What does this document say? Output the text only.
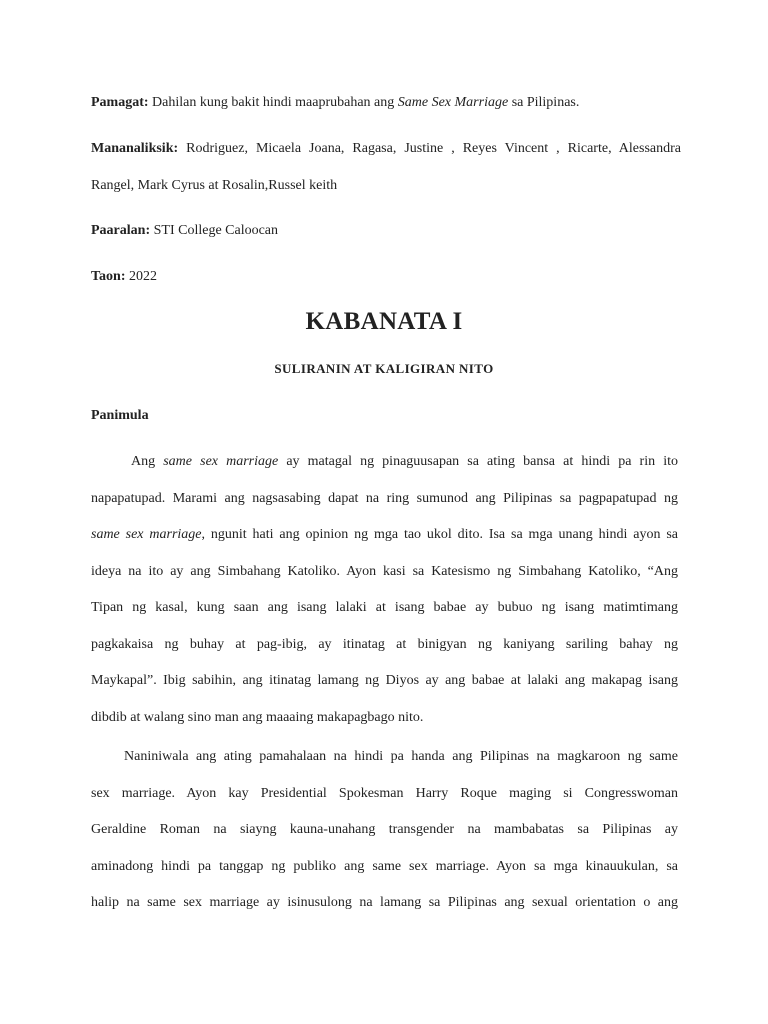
Pamagat: Dahilan kung bakit hindi maaprubahan ang Same Sex Marriage sa Pilipinas.

Mananaliksik: Rodriguez, Micaela Joana, Ragasa, Justine , Reyes Vincent , Ricarte, Alessandra
Rangel, Mark Cyrus at Rosalin,Russel keith

Paaralan: STI College Caloocan

Taon: 2022

KABANATA I
SULIRANIN AT KALIGIRAN NITO
Panimula
Ang same sex marriage ay matagal ng pinaguusapan sa ating bansa at hindi pa rin ito
napapatupad. Marami ang nagsasabing dapat na ring sumunod ang Pilipinas sa pagpapatupad ng
same sex marriage, ngunit hati ang opinion ng mga tao ukol dito. Isa sa mga unang hindi ayon sa
ideya na ito ay ang Simbahang Katoliko. Ayon kasi sa Katesismo ng Simbahang Katoliko, “Ang
Tipan ng kasal, kung saan ang isang lalaki at isang babae ay bubuo ng isang matimtimang
pagkakaisa ng buhay at pag-ibig, ay itinatag at binigyan ng kaniyang sariling bahay ng
Maykapal”. Ibig sabihin, ang itinatag lamang ng Diyos ay ang babae at lalaki ang makapag isang
dibdib at walang sino man ang maaaing makapagbago nito.
Naniniwala ang ating pamahalaan na hindi pa handa ang Pilipinas na magkaroon ng same
sex marriage. Ayon kay Presidential Spokesman Harry Roque maging si Congresswoman
Geraldine Roman na siayng kauna-unahang transgender na mambabatas sa Pilipinas ay
aminadong hindi pa tanggap ng publiko ang same sex marriage. Ayon sa mga kinauukulan, sa
halip na same sex marriage ay isinusulong na lamang sa Pilipinas ang sexual orientation o ang
